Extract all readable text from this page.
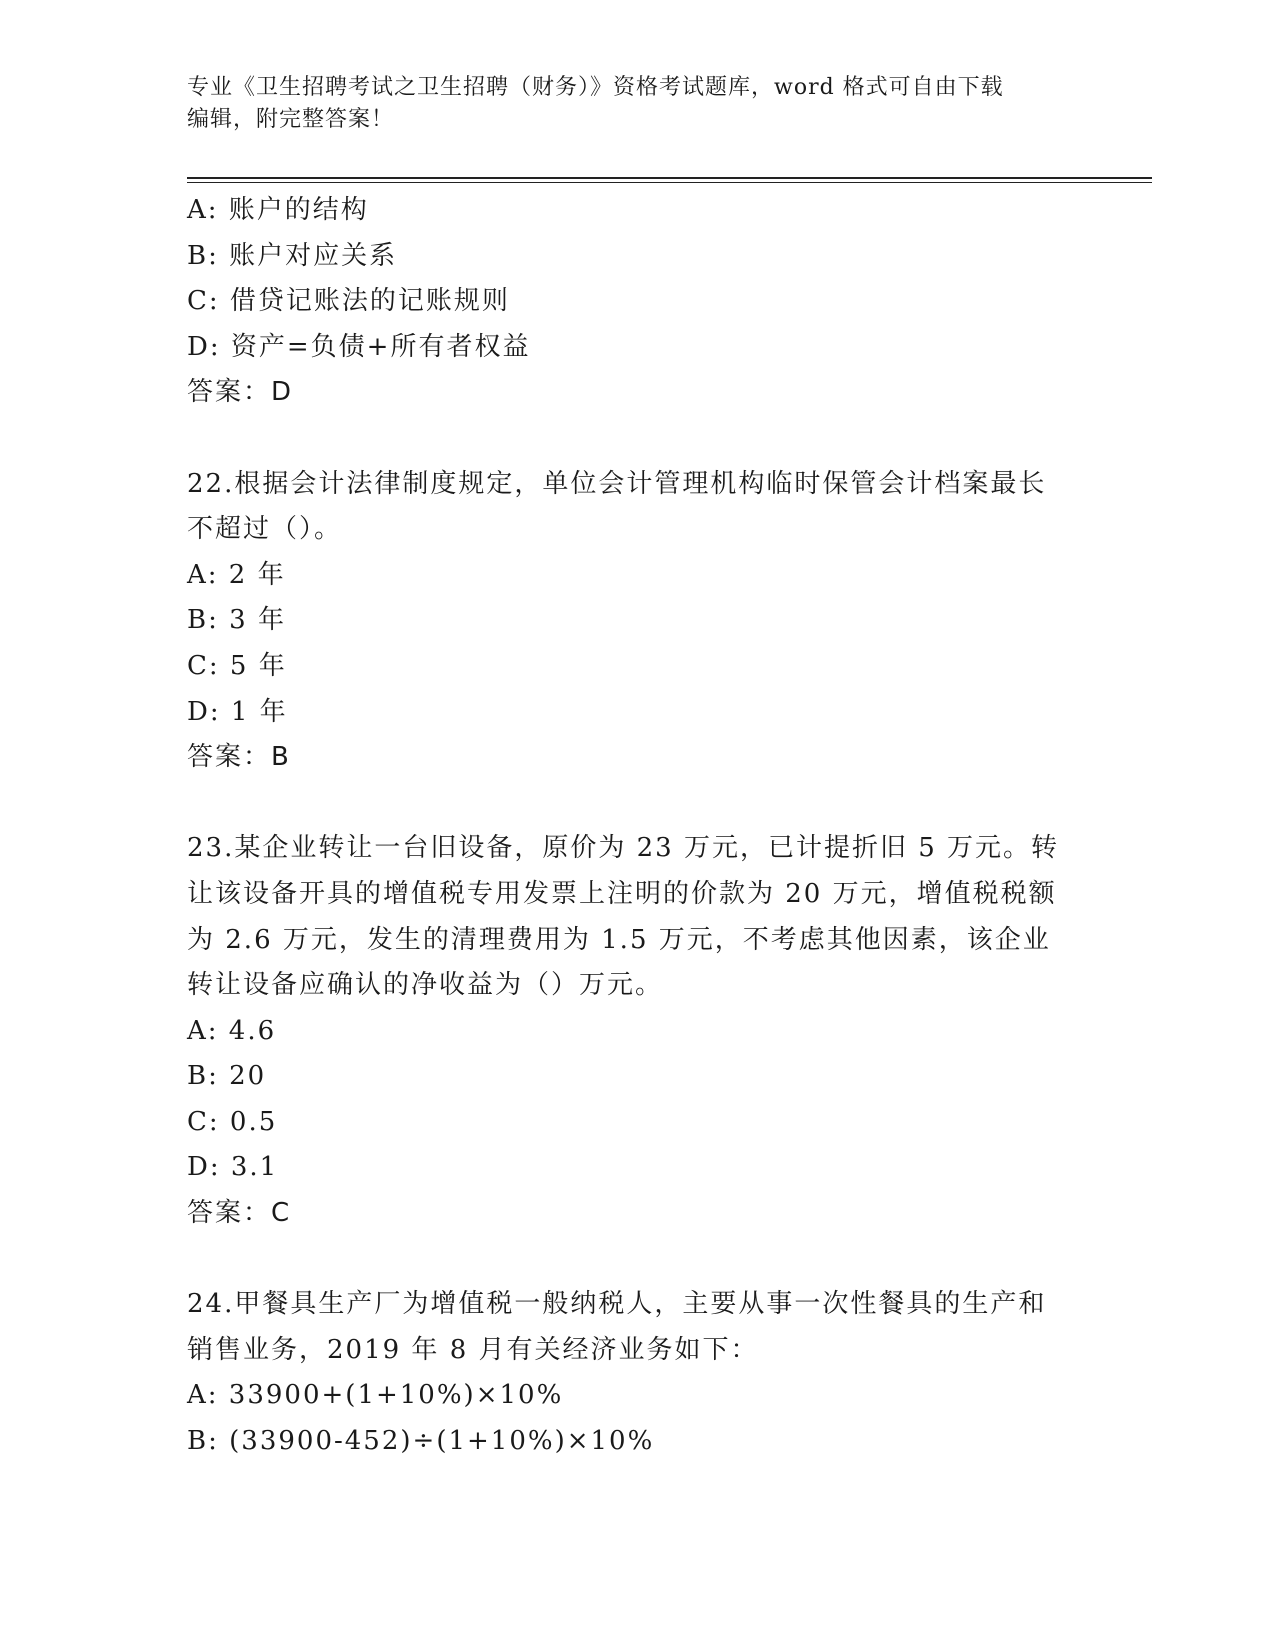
专业《卫生招聘考试之卫生招聘（财务）》资格考试题库，word 格式可自由下载
编辑，附完整答案！
A: 账户的结构
B: 账户对应关系
C: 借贷记账法的记账规则
D: 资产=负债+所有者权益
答案：D
22.根据会计法律制度规定，单位会计管理机构临时保管会计档案最长
不超过（）。
A: 2 年
B: 3 年
C: 5 年
D: 1 年
答案：B
23.某企业转让一台旧设备，原价为 23 万元，已计提折旧 5 万元。转
让该设备开具的增值税专用发票上注明的价款为 20 万元，增值税税额
为 2.6 万元，发生的清理费用为 1.5 万元，不考虑其他因素，该企业
转让设备应确认的净收益为（）万元。
A: 4.6
B: 20
C: 0.5
D: 3.1
答案：C
24.甲餐具生产厂为增值税一般纳税人，主要从事一次性餐具的生产和
销售业务，2019 年 8 月有关经济业务如下：
A: 33900+(1+10%)×10%
B: (33900-452)÷(1+10%)×10%
